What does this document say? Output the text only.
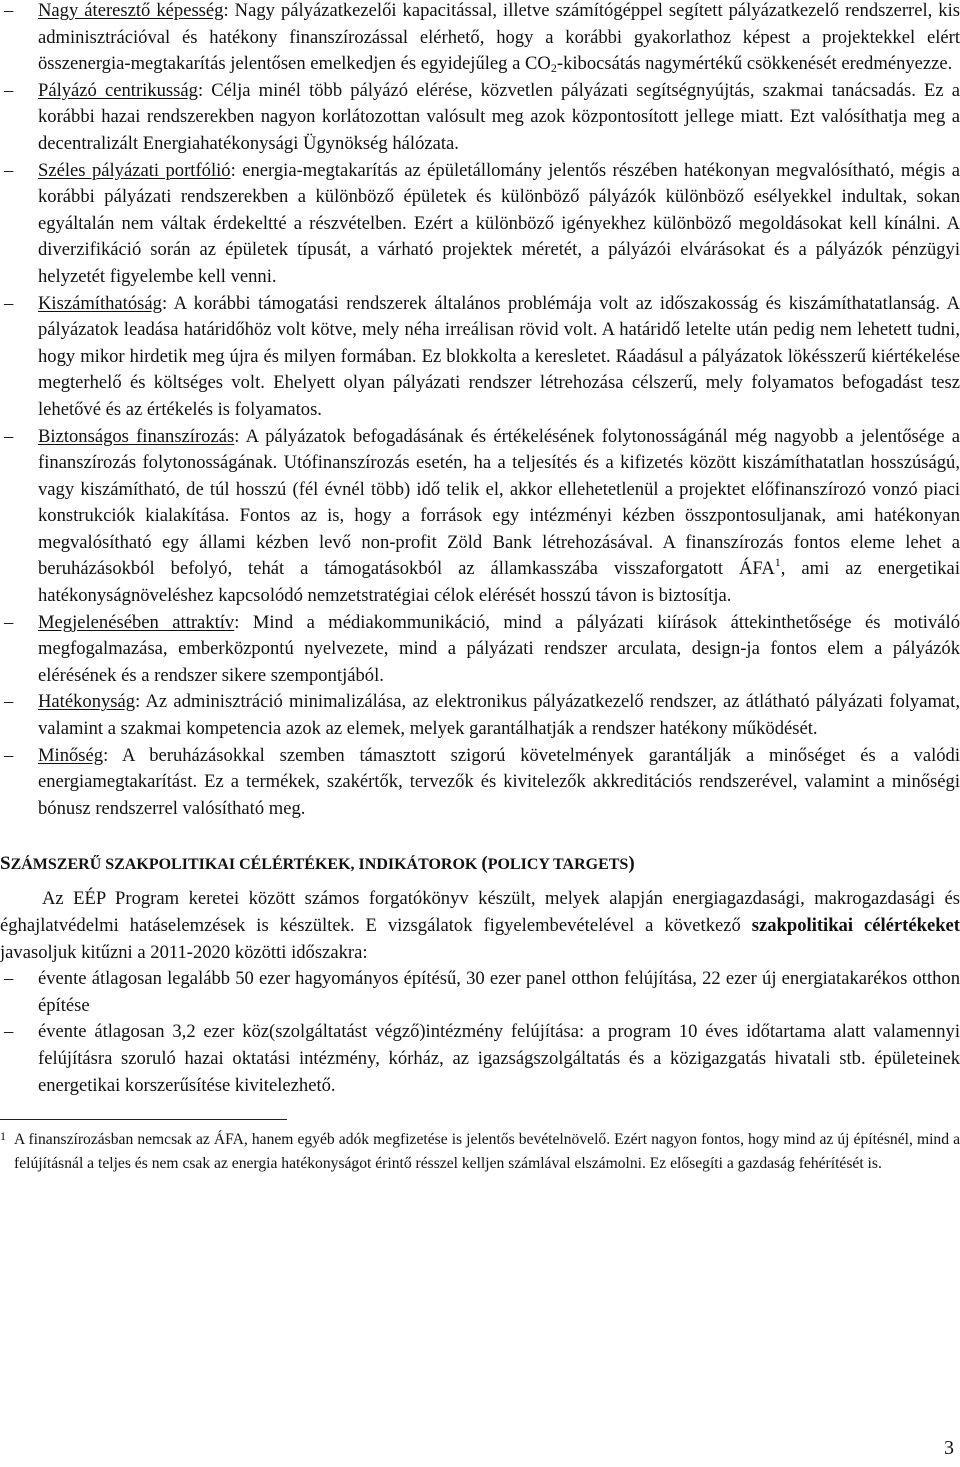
– Nagy áteresztő képesség: Nagy pályázatkezelői kapacitással, illetve számítógéppel segített pályázatkezelő rendszerrel, kis adminisztrációval és hatékony finanszírozással elérhető, hogy a korábbi gyakorlathoz képest a projektekkel elért összenergia-megtakarítás jelentősen emelkedjen és egyidejűleg a $CO_2$-kibocsátás nagymértékű csökkenését eredményezze.
– Pályázó centrikusság: Célja minél több pályázó elérése, közvetlen pályázati segítségnyújtás, szakmai tanácsadás. Ez a korábbi hazai rendszerekben nagyon korlátozottan valósult meg azok központosított jellege miatt. Ezt valósíthatja meg a decentralizált Energiahatékonysági Ügynökség hálózata.
– Széles pályázati portfólió: energia-megtakarítás az épületállomány jelentős részében hatékonyan megvalósítható, mégis a korábbi pályázati rendszerekben a különböző épületek és különböző pályázók különböző esélyekkel indultak, sokan egyáltalán nem váltak érdekeltté a részvételben. Ezért a különböző igényekhez különböző megoldásokat kell kínálni. A diverzifikáció során az épületek típusát, a várható projektek méretét, a pályázói elvárásokat és a pályázók pénzügyi helyzetét figyelembe kell venni.
– Kiszámíthatóság: A korábbi támogatási rendszerek általános problémája volt az időszakosság és kiszámíthatatlanság. A pályázatok leadása határidőhöz volt kötve, mely néha irreálisan rövid volt. A határidő letelte után pedig nem lehetett tudni, hogy mikor hirdetik meg újra és milyen formában. Ez blokkolta a keresletet. Ráadásul a pályázatok lökésszerű kiértékelése megterhelő és költséges volt. Ehelyett olyan pályázati rendszer létrehozása célszerű, mely folyamatos befogadást tesz lehetővé és az értékelés is folyamatos.
– Biztonságos finanszírozás: A pályázatok befogadásának és értékelésének folytonosságánál még nagyobb a jelentősége a finanszírozás folytonosságának. Utófinanszírozás esetén, ha a teljesítés és a kifizetés között kiszámíthatatlan hosszúságú, vagy kiszámítható, de túl hosszú (fél évnél több) idő telik el, akkor ellehetetlenül a projektet előfinanszírozó vonzó piaci konstrukciók kialakítása. Fontos az is, hogy a források egy intézményi kézben összpontosuljanak, ami hatékonyan megvalósítható egy állami kézben levő non-profit Zöld Bank létrehozásával. A finanszírozás fontos eleme lehet a beruházásokból befolyó, tehát a támogatásokból az államkasszába visszaforgatott ÁFA$^1$, ami az energetikai hatékonyságnöveléshez kapcsolódó nemzetstratégiai célok elérését hosszú távon is biztosítja.
– Megjelenésében attraktív: Mind a médiakommunikáció, mind a pályázati kiírások áttekinthetősége és motiváló megfogalmazása, emberközpontú nyelvezete, mind a pályázati rendszer arculata, design-ja fontos elem a pályázók elérésének és a rendszer sikere szempontjából.
– Hatékonyság: Az adminisztráció minimalizálása, az elektronikus pályázatkezelő rendszer, az átlátható pályázati folyamat, valamint a szakmai kompetencia azok az elemek, melyek garantálhatják a rendszer hatékony működését.
– Minőség: A beruházásokkal szemben támasztott szigorú követelmények garantálják a minőséget és a valódi energiamegtakarítást. Ez a termékek, szakértők, tervezők és kivitelezők akkreditációs rendszerével, valamint a minőségi bónusz rendszerrel valósítható meg.
SZÁMSZERŰ SZAKPOLITIKAI CÉLÉRTÉKEK, INDIKÁTOROK (POLICY TARGETS)

Az EÉP Program keretei között számos forgatókönyv készült, melyek alapján energiagazdasági, makrogazdasági és éghajlatvédelmi hatáselemzések is készültek. E vizsgálatok figyelembevételével a következő szakpolitikai célértékeket javasoljuk kitűzni a 2011-2020 közötti időszakra:

– évente átlagosan legalább 50 ezer hagyományos építésű, 30 ezer panel otthon felújítása, 22 ezer új energiatakarékos otthon építése
– évente átlagosan 3,2 ezer köz(szolgáltatást végző)intézmény felújítása: a program 10 éves időtartama alatt valamennyi felújításra szoruló hazai oktatási intézmény, kórház, az igazságszolgáltatás és a közigazgatás hivatali stb. épületeinek energetikai korszerűsítése kivitelezhető.
1 A finanszírozásban nemcsak az ÁFA, hanem egyéb adók megfizetése is jelentős bevételnövelő. Ezért nagyon fontos, hogy mind az új építésnél, mind a felújításnál a teljes és nem csak az energia hatékonyságot érintő résszel kelljen számlával elszámolni. Ez elősegíti a gazdaság fehérítését is.
3
